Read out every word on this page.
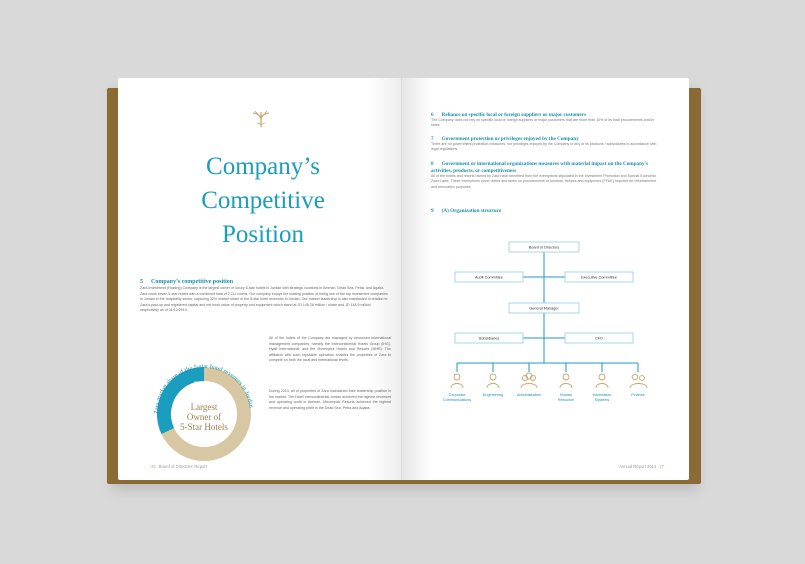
Company’s
Competitive
Position
5 Company’s competitive position

Zara Investment (Holding) Company is the largest owner of luxury 5-star hotels in Jordan with strategic locations in Amman, Dead Sea, Petra, and Aqaba. Zara owns seven 5-star hotels with a combined total of 2,111 rooms. Our company enjoys the leading position of being one of the top investment companies in Jordan in the hospitality sector, capturing 32% market share of the 5-star hotel revenues in Jordan. Our market leadership is also manifested in relation to Zara's paid-up and registered capital and net book value of property and equipment which stand at JD 148.26 million / share and JD 148.9 million respectively as of 31/12/2014.

Zara market share of the 5-star hotel revenues in Jordan
32%
Largest
Owner of
5-Star Hotels

All of the hotels of the Company are managed by renowned international management companies, namely the Intercontinental Hotels Group (IHG), Hyatt International, and the Movenpick Hotels and Resorts (MHR). The affiliation with such reputable operators enables the properties of Zara to compete on both the local and international levels.

During 2014, all of properties of Zara maintained their leadership position in the market. The Hotel Intercontinental Jordan achieved the highest revenues and operating profit in Amman. Mövenpick Resorts achieved the highest revenue and operating profit in the Dead Sea, Petra and Aqaba.

26 Board of Directors' Report
6 Reliance on specific local or foreign suppliers or major customers

The Company does not rely on specific local or foreign suppliers or major customers that are more than 10% of its total procurements and/or sales.

7 Government protection or privileges enjoyed by the Company

There are no government protection measures, nor privileges enjoyed by the Company or any of its products / subsidiaries in accordance with legal regulations.

8 Government or international organizations measures with material impact on the Company's
activities, products, or competitiveness

All of the hotels and resorts owned by Zara have benefited from the exemptions stipulated in the Investment Promotion and Special Economic Zone Laws. These exemptions cover duties and taxes on procurements of furniture, fixtures and equipment (FF&E) required for refurbishment and renovation purposes.

9 (A) Organization structure
Board of Directors
Audit Committee	Executive Committee
General Manager
Subsidiaries	CFO
Corporate
Communications
Engineering	Administration	Human
Resource
Information
Systems
Finance
Annual Report 2014 27
